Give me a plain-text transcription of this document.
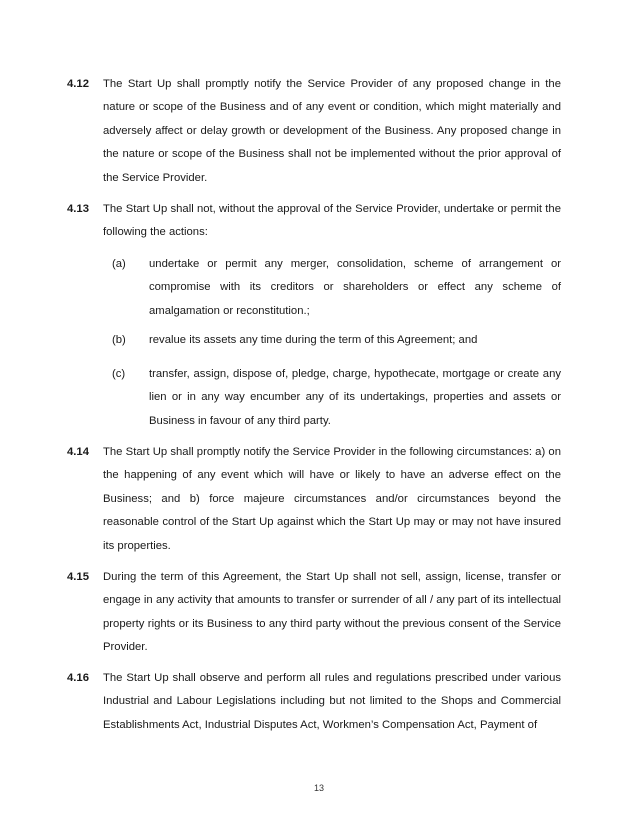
4.12	The Start Up shall promptly notify the Service Provider of any proposed change in the nature or scope of the Business and of any event or condition, which might materially and adversely affect or delay growth or development of the Business. Any proposed change in the nature or scope of the Business shall not be implemented without the prior approval of the Service Provider.
4.13	The Start Up shall not, without the approval of the Service Provider, undertake or permit the following the actions:
(a) undertake or permit any merger, consolidation, scheme of arrangement or compromise with its creditors or shareholders or effect any scheme of amalgamation or reconstitution.;
(b) revalue its assets any time during the term of this Agreement; and
(c) transfer, assign, dispose of, pledge, charge, hypothecate, mortgage or create any lien or in any way encumber any of its undertakings, properties and assets or Business in favour of any third party.
4.14	The Start Up shall promptly notify the Service Provider in the following circumstances: a) on the happening of any event which will have or likely to have an adverse effect on the Business; and b) force majeure circumstances and/or circumstances beyond the reasonable control of the Start Up against which the Start Up may or may not have insured its properties.
4.15	During the term of this Agreement, the Start Up shall not sell, assign, license, transfer or engage in any activity that amounts to transfer or surrender of all / any part of its intellectual property rights or its Business to any third party without the previous consent of the Service Provider.
4.16	The Start Up shall observe and perform all rules and regulations prescribed under various Industrial and Labour Legislations including but not limited to the Shops and Commercial Establishments Act, Industrial Disputes Act, Workmen’s Compensation Act, Payment of
13
